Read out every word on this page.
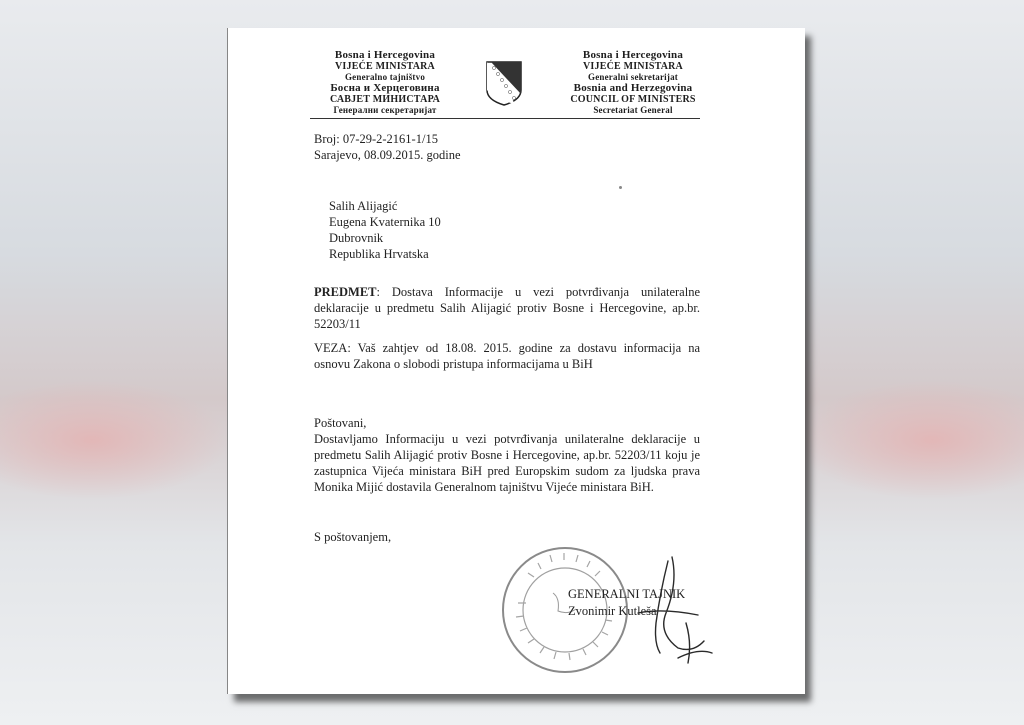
Bosna i Hercegovina
VIJEĆE MINISTARA
Generalno tajništvo
Босна и Херцеговина
САВЈЕТ МИНИСТАРА
Генерални секретаријат
Bosna i Hercegovina
VIJEĆE MINISTARA
Generalni sekretarijat
Bosnia and Herzegovina
COUNCIL OF MINISTERS
Secretariat General
Broj: 07-29-2-2161-1/15
Sarajevo, 08.09.2015. godine
Salih Alijagić
Eugena Kvaternika 10
Dubrovnik
Republika Hrvatska
PREDMET: Dostava Informacije u vezi potvrđivanja unilateralne deklaracije u predmetu Salih Alijagić protiv Bosne i Hercegovine, ap.br. 52203/11
VEZA: Vaš zahtjev od 18.08. 2015. godine za dostavu informacija na osnovu Zakona o slobodi pristupa informacijama u BiH
Poštovani,
Dostavljamo Informaciju u vezi potvrđivanja unilateralne deklaracije u predmetu Salih Alijagić protiv Bosne i Hercegovine, ap.br. 52203/11 koju je zastupnica Vijeća ministara BiH pred Europskim sudom za ljudska prava Monika Mijić dostavila Generalnom tajništvu Vijeće ministara BiH.
S poštovanjem,
GENERALNI TAJNIK
Zvonimir Kutleša
